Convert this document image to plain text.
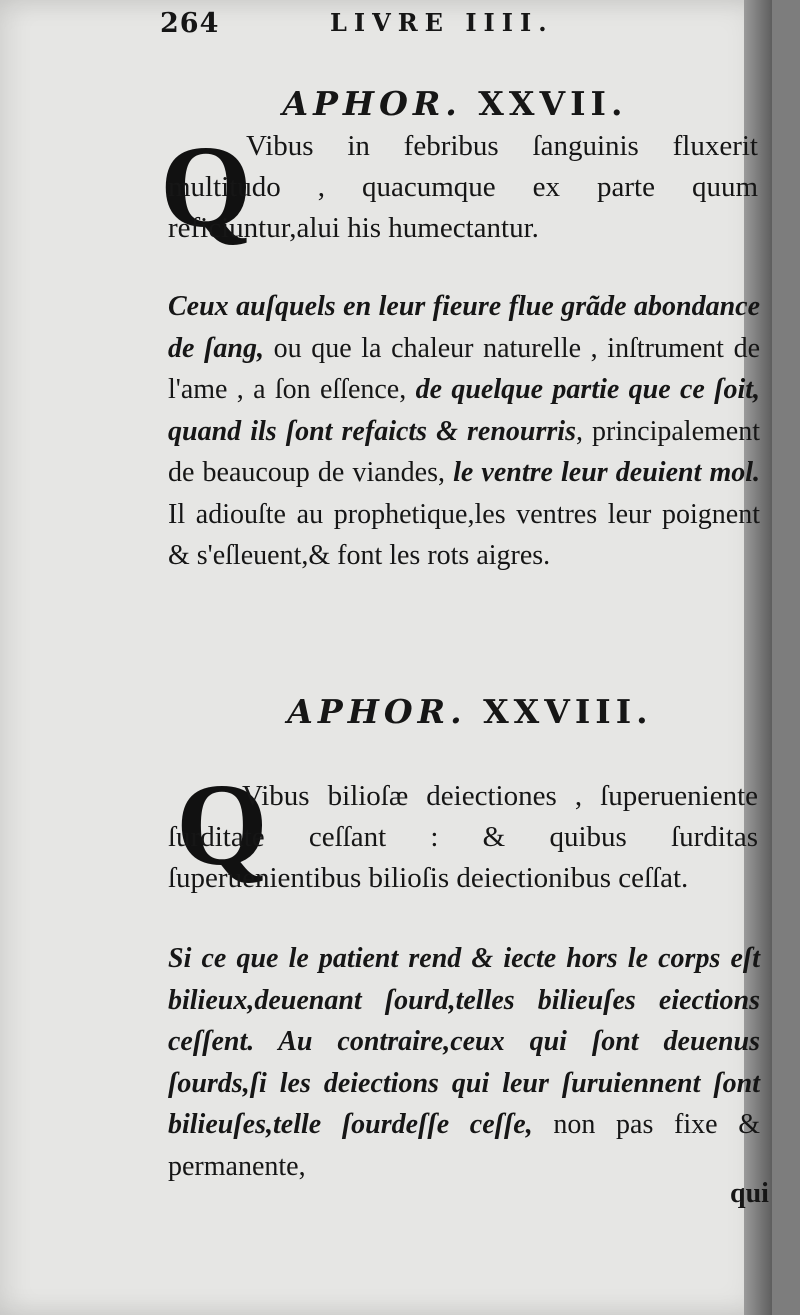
264	LIVRE IIII.
APHOR. XXVII.
Q
Vibus in febribus ſanguinis fluxerit multitudo , quacumque ex parte quum reficiuntur,alui his humectantur.
Ceux auſquels en leur fieure flue grãde abondance de ſang, ou que la chaleur naturelle , inſtrument de l'ame , a ſon eſſence, de quelque partie que ce ſoit, quand ils ſont refaicts & renourris, principalement de beaucoup de viandes, le ventre leur deuient mol. Il adiouſte au prophetique,les ventres leur poignent & s'eſleuent,& font les rots aigres.
APHOR. XXVIII.
Q
Vibus bilioſæ deiectiones , ſuperueniente ſurditate ceſſant : & quibus ſurditas ſuperuenientibus bilioſis deiectionibus ceſſat.
Si ce que le patient rend & iecte hors le corps eſt bilieux,deuenant ſourd,telles bilieuſes eiections ceſſent. Au contraire,ceux qui ſont deuenus ſourds,ſi les deiections qui leur ſuruiennent ſont bilieuſes,telle ſourdeſſe ceſſe, non pas fixe & permanente,
qui
